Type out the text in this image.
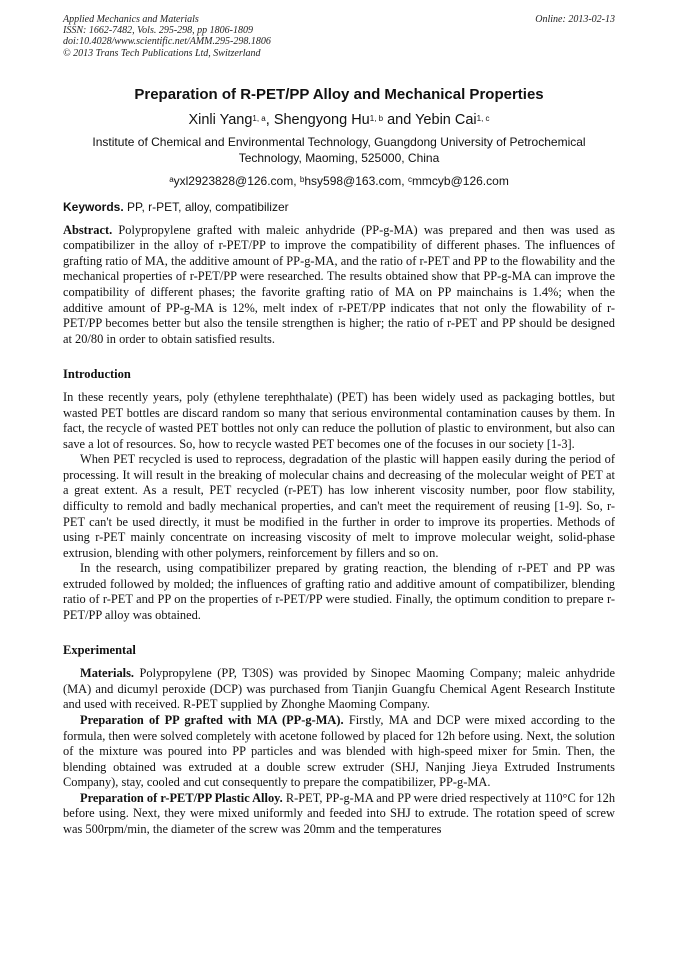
Applied Mechanics and Materials
ISSN: 1662-7482, Vols. 295-298, pp 1806-1809
doi:10.4028/www.scientific.net/AMM.295-298.1806
© 2013 Trans Tech Publications Ltd, Switzerland
Online: 2013-02-13
Preparation of R-PET/PP Alloy and Mechanical Properties
Xinli Yang$^{1, a}$, Shengyong Hu$^{1, b}$ and Yebin Cai$^{1, c}$
Institute of Chemical and Environmental Technology, Guangdong University of Petrochemical Technology, Maoming, 525000, China
$^a$yxl2923828@126.com, $^b$hsy598@163.com, $^c$mmcyb@126.com
Keywords. PP, r-PET, alloy, compatibilizer

Abstract. Polypropylene grafted with maleic anhydride (PP-g-MA) was prepared and then was used as compatibilizer in the alloy of r-PET/PP to improve the compatibility of different phases. The influences of grafting ratio of MA, the additive amount of PP-g-MA, and the ratio of r-PET and PP to the flowability and the mechanical properties of r-PET/PP were researched. The results obtained show that PP-g-MA can improve the compatibility of different phases; the favorite grafting ratio of MA on PP mainchains is 1.4%; when the additive amount of PP-g-MA is 12%, melt index of r-PET/PP indicates that not only the flowability of r-PET/PP becomes better but also the tensile strengthen is higher; the ratio of r-PET and PP should be designed at 20/80 in order to obtain satisfied results.

Introduction

In these recently years, poly (ethylene terephthalate) (PET) has been widely used as packaging bottles, but wasted PET bottles are discard random so many that serious environmental contamination causes by them. In fact, the recycle of wasted PET bottles not only can reduce the pollution of plastic to environment, but also can save a lot of resources. So, how to recycle wasted PET becomes one of the focuses in our society [1-3].

When PET recycled is used to reprocess, degradation of the plastic will happen easily during the period of processing. It will result in the breaking of molecular chains and decreasing of the molecular weight of PET at a great extent. As a result, PET recycled (r-PET) has low inherent viscosity number, poor flow stability, difficulty to remold and badly mechanical properties, and can't meet the requirement of reusing [1-9]. So, r-PET can't be used directly, it must be modified in the further in order to improve its properties. Methods of using r-PET mainly concentrate on increasing viscosity of melt to improve molecular weight, solid-phase extrusion, blending with other polymers, reinforcement by fillers and so on.

In the research, using compatibilizer prepared by grating reaction, the blending of r-PET and PP was extruded followed by molded; the influences of grafting ratio and additive amount of compatibilizer, blending ratio of r-PET and PP on the properties of r-PET/PP were studied. Finally, the optimum condition to prepare r-PET/PP alloy was obtained.

Experimental

Materials. Polypropylene (PP, T30S) was provided by Sinopec Maoming Company; maleic anhydride (MA) and dicumyl peroxide (DCP) was purchased from Tianjin Guangfu Chemical Agent Research Institute and used with received. R-PET supplied by Zhonghe Maoming Company.

Preparation of PP grafted with MA (PP-g-MA). Firstly, MA and DCP were mixed according to the formula, then were solved completely with acetone followed by placed for 12h before using. Next, the solution of the mixture was poured into PP particles and was blended with high-speed mixer for 5min. Then, the blending obtained was extruded at a double screw extruder (SHJ, Nanjing Jieya Extruded Instruments Company), stay, cooled and cut consequently to prepare the compatibilizer, PP-g-MA.

Preparation of r-PET/PP Plastic Alloy. R-PET, PP-g-MA and PP were dried respectively at 110°C for 12h before using. Next, they were mixed uniformly and feeded into SHJ to extrude. The rotation speed of screw was 500rpm/min, the diameter of the screw was 20mm and the temperatures
